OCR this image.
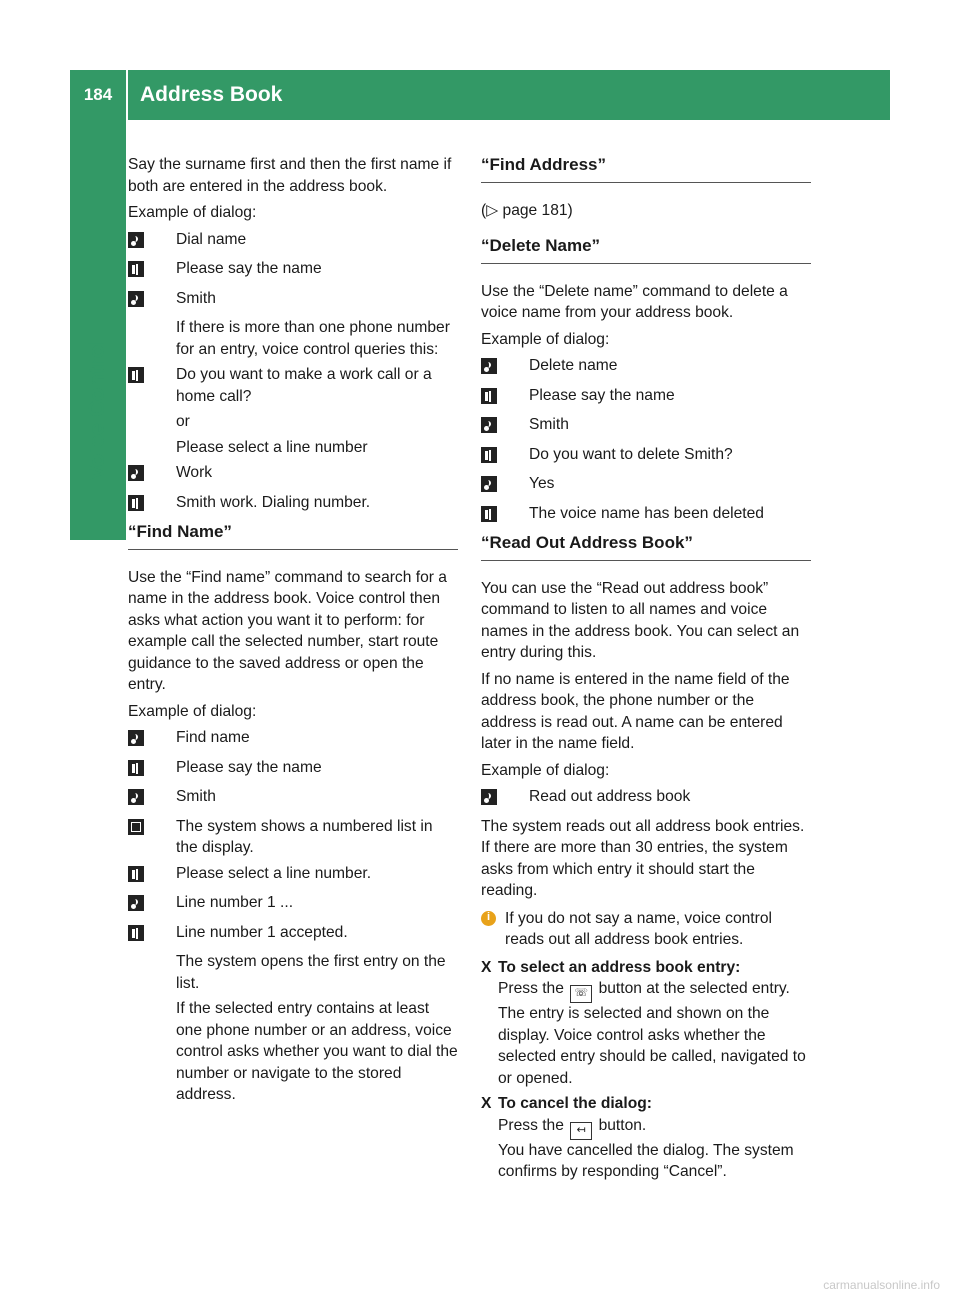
184	Address Book
Voice Control

Say the surname first and then the first name if both are entered in the address book.

Example of dialog:

Dial name
Please say the name
Smith
If there is more than one phone number for an entry, voice control queries this:
Do you want to make a work call or a home call?
or
Please select a line number
Work
Smith work. Dialing number.
“Find Name”

Use the “Find name” command to search for a name in the address book. Voice control then asks what action you want it to perform: for example call the selected number, start route guidance to the saved address or open the entry.

Example of dialog:

Find name
Please say the name
Smith
The system shows a numbered list in the display.
Please select a line number.
Line number 1 ...
Line number 1 accepted.
The system opens the first entry on the list.
If the selected entry contains at least one phone number or an address, voice control asks whether you want to dial the number or navigate to the stored address.
“Find Address”

(▷ page 181)

“Delete Name”

Use the “Delete name” command to delete a voice name from your address book.

Example of dialog:

Delete name
Please say the name
Smith
Do you want to delete Smith?
Yes
The voice name has been deleted
“Read Out Address Book”

You can use the “Read out address book” command to listen to all names and voice names in the address book. You can select an entry during this.

If no name is entered in the name field of the address book, the phone number or the address is read out. A name can be entered later in the name field.

Example of dialog:

Read out address book

The system reads out all address book entries. If there are more than 30 entries, the system asks from which entry it should start the reading.

i If you do not say a name, voice control reads out all address book entries.
X To select an address book entry:
Press the ☏ button at the selected entry.
The entry is selected and shown on the display. Voice control asks whether the selected entry should be called, navigated to or opened.
X To cancel the dialog:
Press the ↤ button.
You have cancelled the dialog. The system confirms by responding “Cancel”.
carmanualsonline.info
